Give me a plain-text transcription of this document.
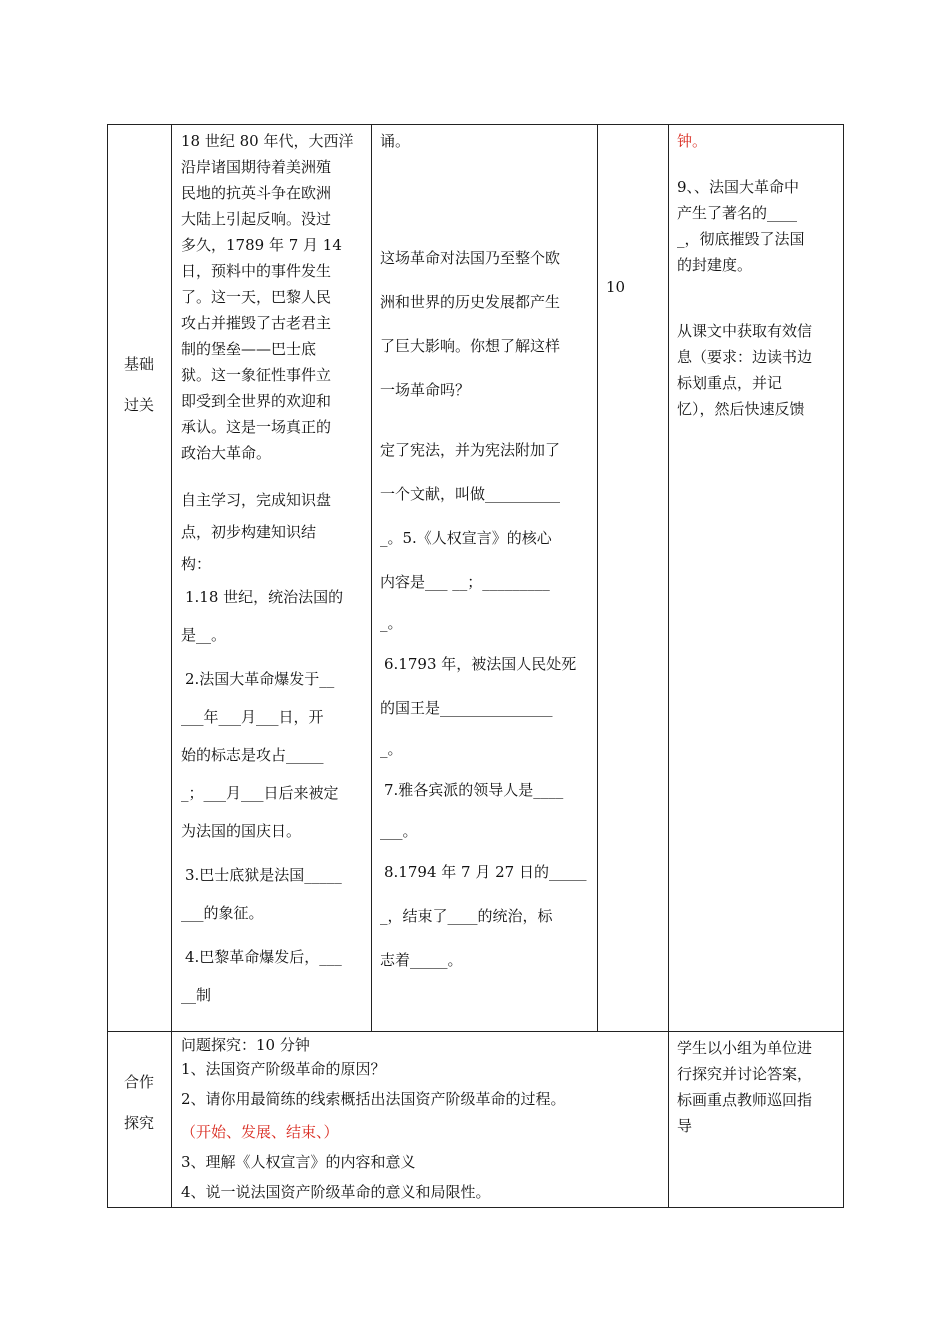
基础

过关

18 世纪 80 年代，大西洋

沿岸诸国期待着美洲殖

民地的抗英斗争在欧洲

大陆上引起反响。没过

多久，1789 年 7 月 14

日，预料中的事件发生

了。这一天，巴黎人民

攻占并摧毁了古老君主

制的堡垒——巴士底

狱。这一象征性事件立

即受到全世界的欢迎和

承认。这是一场真正的

政治大革命。

自主学习，完成知识盘

点，初步构建知识结

构：

1.18 世纪，统治法国的

是__。

2.法国大革命爆发于__

___年___月___日，开

始的标志是攻占_____

_；___月___日后来被定

为法国的国庆日。

3.巴士底狱是法国_____

___的象征。

4.巴黎革命爆发后，___

__制

诵。

这场革命对法国乃至整个欧

洲和世界的历史发展都产生

了巨大影响。你想了解这样

一场革命吗？

定了宪法，并为宪法附加了

一个文献，叫做__________

_。5.《人权宣言》的核心

内容是___ __；_________

_。

6.1793 年，被法国人民处死

的国王是_______________

_。

7.雅各宾派的领导人是____

___。

8.1794 年 7 月 27 日的_____

_，结束了____的统治，标

志着_____。

10

钟。

9、、法国大革命中

产生了著名的____

_，彻底摧毁了法国

的封建度。

从课文中获取有效信

息（要求：边读书边

标划重点，并记

忆），然后快速反馈

合作

探究

问题探究：10 分钟

1、法国资产阶级革命的原因？

2、请你用最简练的线索概括出法国资产阶级革命的过程。

（开始、发展、结束、）

3、理解《人权宣言》的内容和意义

4、说一说法国资产阶级革命的意义和局限性。

学生以小组为单位进

行探究并讨论答案，

标画重点教师巡回指

导
